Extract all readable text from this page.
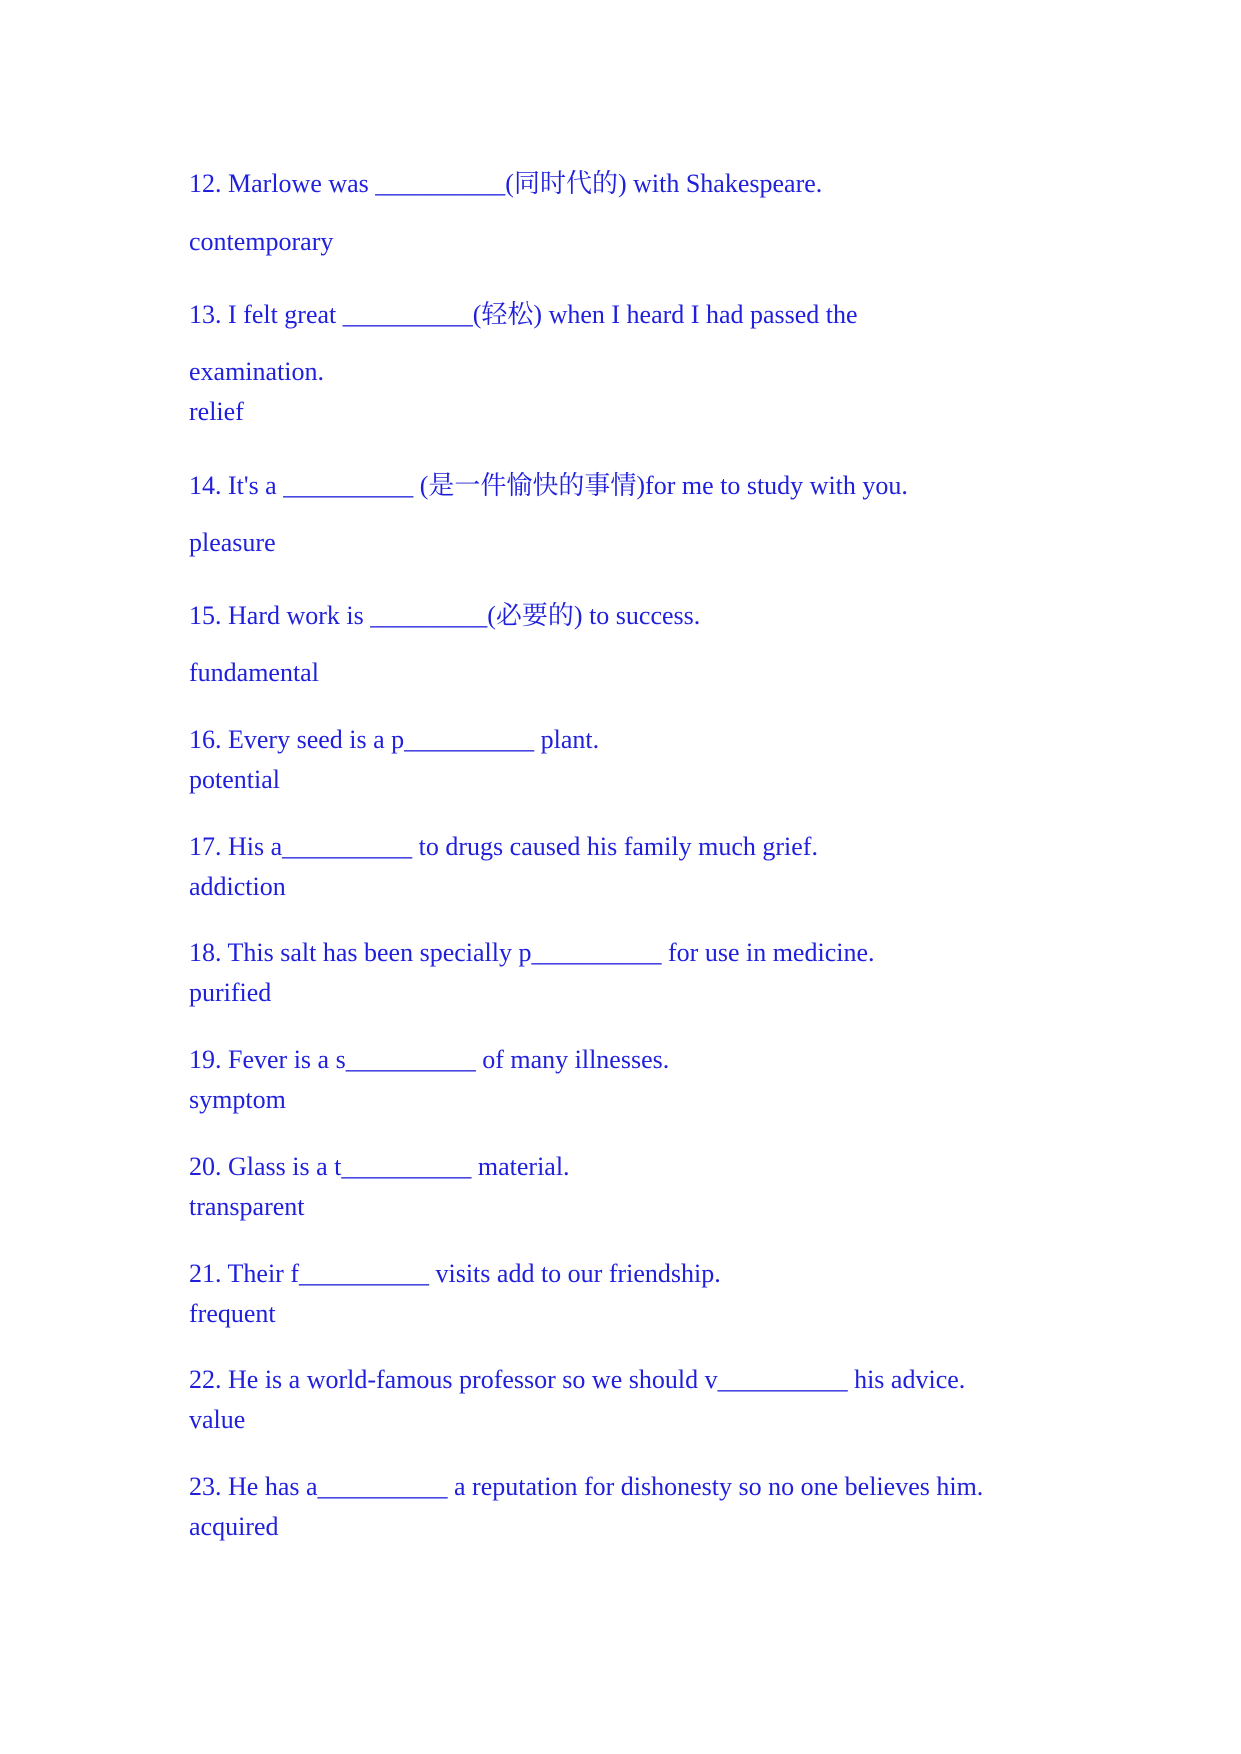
12. Marlowe was __________(同时代的) with Shakespeare.

contemporary

13. I felt great __________(轻松) when I heard I had passed the

examination.

relief

14. It's a __________ (是一件愉快的事情)for me to study with you.

pleasure

15. Hard work is _________(必要的) to success.

fundamental

16. Every seed is a p__________ plant.

potential

17. His a__________ to drugs caused his family much grief.

addiction

18. This salt has been specially p__________ for use in medicine.

purified

19. Fever is a s__________ of many illnesses.

symptom

20. Glass is a t__________ material.

transparent

21. Their f__________ visits add to our friendship.

frequent

22. He is a world-famous professor so we should v__________ his advice.

value

23. He has a__________ a reputation for dishonesty so no one believes him.

acquired
